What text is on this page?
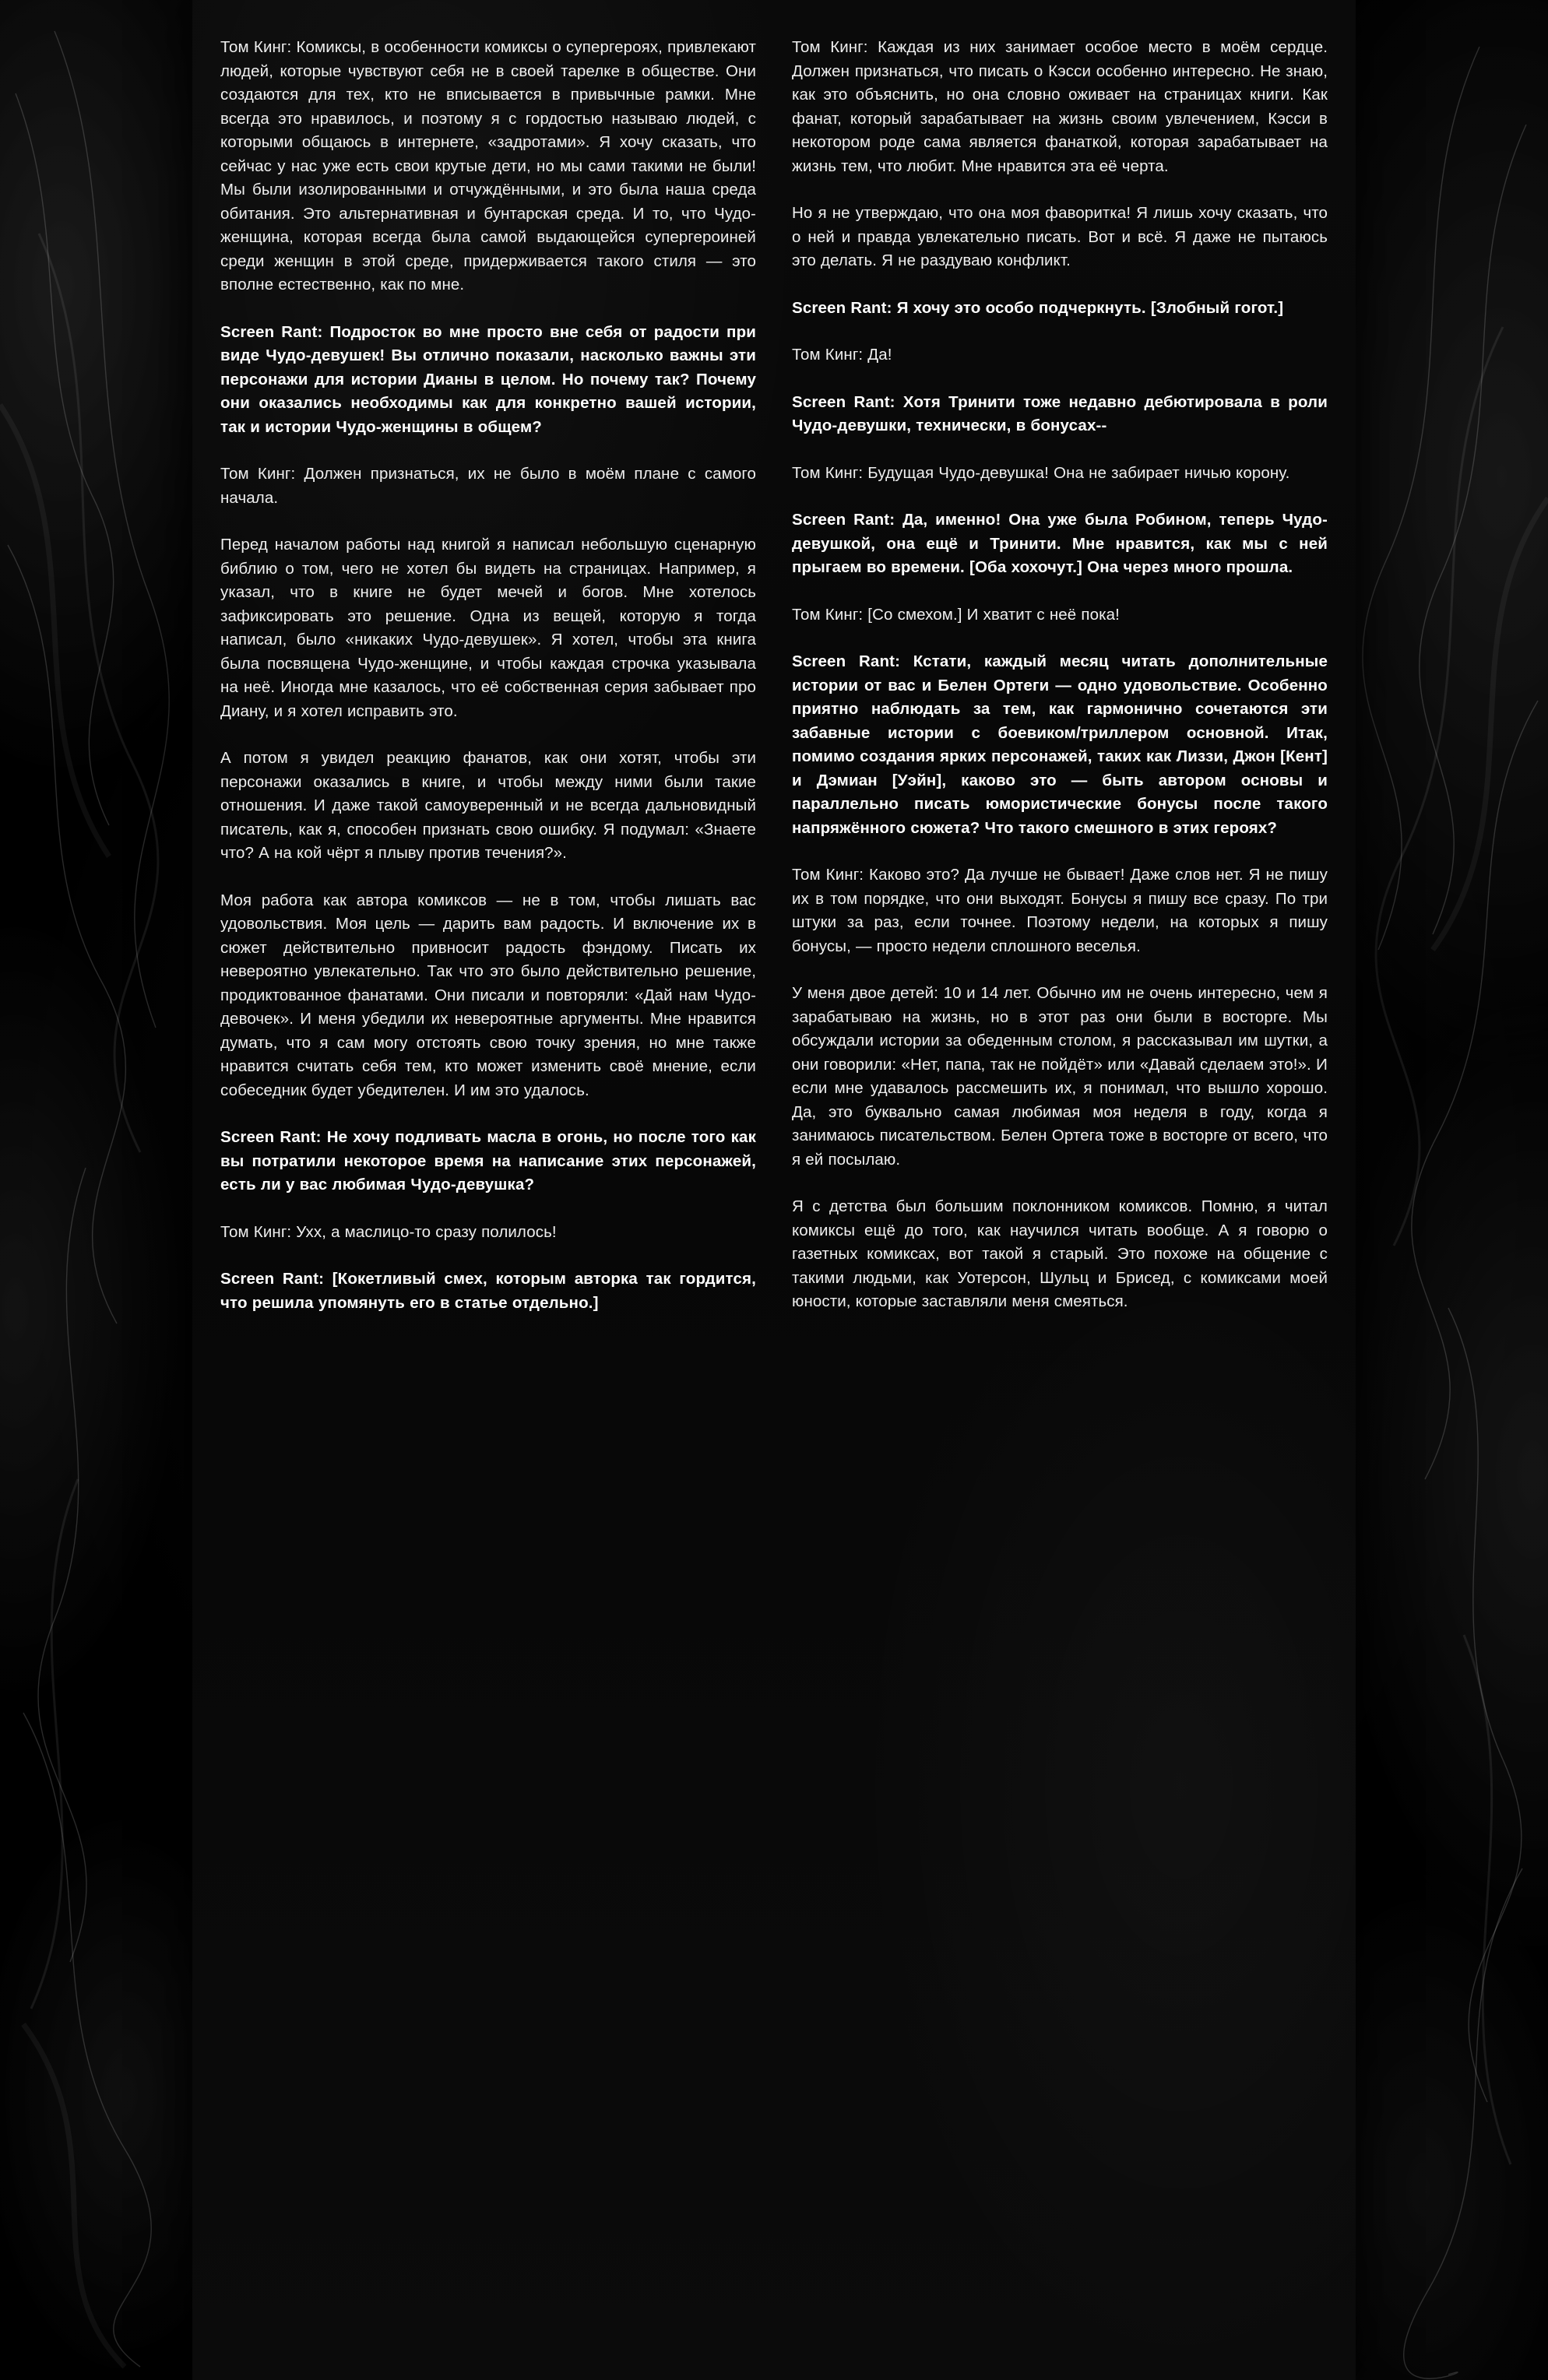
Том Кинг: Комиксы, в особенности комиксы о супергероях, привлекают людей, которые чувствуют себя не в своей тарелке в обществе. Они создаются для тех, кто не вписывается в привычные рамки. Мне всегда это нравилось, и поэтому я с гордостью называю людей, с которыми общаюсь в интернете, «задротами». Я хочу сказать, что сейчас у нас уже есть свои крутые дети, но мы сами такими не были! Мы были изолированными и отчуждёнными, и это была наша среда обитания. Это альтернативная и бунтарская среда. И то, что Чудо-женщина, которая всегда была самой выдающейся супергероиней среди женщин в этой среде, придерживается такого стиля — это вполне естественно, как по мне.

Screen Rant: Подросток во мне просто вне себя от радости при виде Чудо-девушек! Вы отлично показали, насколько важны эти персонажи для истории Дианы в целом. Но почему так? Почему они оказались необходимы как для конкретно вашей истории, так и истории Чудо-женщины в общем?

Том Кинг: Должен признаться, их не было в моём плане с самого начала.

Перед началом работы над книгой я написал небольшую сценарную библию о том, чего не хотел бы видеть на страницах. Например, я указал, что в книге не будет мечей и богов. Мне хотелось зафиксировать это решение. Одна из вещей, которую я тогда написал, было «никаких Чудо-девушек». Я хотел, чтобы эта книга была посвящена Чудо-женщине, и чтобы каждая строчка указывала на неё. Иногда мне казалось, что её собственная серия забывает про Диану, и я хотел исправить это.

А потом я увидел реакцию фанатов, как они хотят, чтобы эти персонажи оказались в книге, и чтобы между ними были такие отношения. И даже такой самоуверенный и не всегда дальновидный писатель, как я, способен признать свою ошибку. Я подумал: «Знаете что? А на кой чёрт я плыву против течения?».

Моя работа как автора комиксов — не в том, чтобы лишать вас удовольствия. Моя цель — дарить вам радость. И включение их в сюжет действительно привносит радость фэндому. Писать их невероятно увлекательно. Так что это было действительно решение, продиктованное фанатами. Они писали и повторяли: «Дай нам Чудо-девочек». И меня убедили их невероятные аргументы. Мне нравится думать, что я сам могу отстоять свою точку зрения, но мне также нравится считать себя тем, кто может изменить своё мнение, если собеседник будет убедителен. И им это удалось.

Screen Rant: Не хочу подливать масла в огонь, но после того как вы потратили некоторое время на написание этих персонажей, есть ли у вас любимая Чудо-девушка?

Том Кинг: Ухх, а маслицо-то сразу полилось!

Screen Rant: [Кокетливый смех, которым авторка так гордится, что решила упомянуть его в статье отдельно.]

Том Кинг: Каждая из них занимает особое место в моём сердце. Должен признаться, что писать о Кэсси особенно интересно. Не знаю, как это объяснить, но она словно оживает на страницах книги. Как фанат, который зарабатывает на жизнь своим увлечением, Кэсси в некотором роде сама является фанаткой, которая зарабатывает на жизнь тем, что любит. Мне нравится эта её черта.

Но я не утверждаю, что она моя фаворитка! Я лишь хочу сказать, что о ней и правда увлекательно писать. Вот и всё. Я даже не пытаюсь это делать. Я не раздуваю конфликт.

Screen Rant: Я хочу это особо подчеркнуть. [Злобный гогот.]

Том Кинг: Да!

Screen Rant: Хотя Тринити тоже недавно дебютировала в роли Чудо-девушки, технически, в бонусах--

Том Кинг: Будущая Чудо-девушка! Она не забирает ничью корону.

Screen Rant: Да, именно! Она уже была Робином, теперь Чудо-девушкой, она ещё и Тринити. Мне нравится, как мы с ней прыгаем во времени. [Оба хохочут.] Она через много прошла.

Том Кинг: [Со смехом.] И хватит с неё пока!

Screen Rant: Кстати, каждый месяц читать дополнительные истории от вас и Белен Ортеги — одно удовольствие. Особенно приятно наблюдать за тем, как гармонично сочетаются эти забавные истории с боевиком/триллером основной. Итак, помимо создания ярких персонажей, таких как Лиззи, Джон [Кент] и Дэмиан [Уэйн], каково это — быть автором основы и параллельно писать юмористические бонусы после такого напряжённого сюжета? Что такого смешного в этих героях?

Том Кинг: Каково это? Да лучше не бывает! Даже слов нет. Я не пишу их в том порядке, что они выходят. Бонусы я пишу все сразу. По три штуки за раз, если точнее. Поэтому недели, на которых я пишу бонусы, — просто недели сплошного веселья.

У меня двое детей: 10 и 14 лет. Обычно им не очень интересно, чем я зарабатываю на жизнь, но в этот раз они были в восторге. Мы обсуждали истории за обеденным столом, я рассказывал им шутки, а они говорили: «Нет, папа, так не пойдёт» или «Давай сделаем это!». И если мне удавалось рассмешить их, я понимал, что вышло хорошо. Да, это буквально самая любимая моя неделя в году, когда я занимаюсь писательством. Белен Ортега тоже в восторге от всего, что я ей посылаю.

Я с детства был большим поклонником комиксов. Помню, я читал комиксы ещё до того, как научился читать вообще. А я говорю о газетных комиксах, вот такой я старый. Это похоже на общение с такими людьми, как Уотерсон, Шульц и Брисед, с комиксами моей юности, которые заставляли меня смеяться.
